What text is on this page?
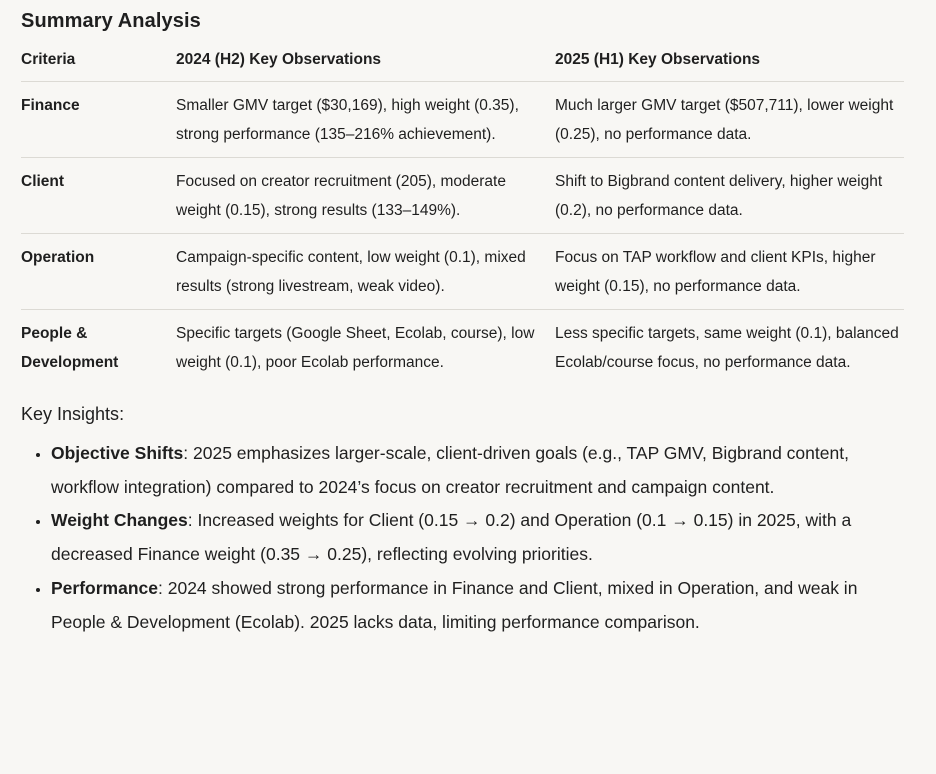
Summary Analysis
Criteria	2024 (H2) Key Observations	2025 (H1) Key Observations
Finance	Smaller GMV target ($30,169), high weight (0.35), strong performance (135–216% achievement).	Much larger GMV target ($507,711), lower weight (0.25), no performance data.
Client	Focused on creator recruitment (205), moderate weight (0.15), strong results (133–149%).	Shift to Bigbrand content delivery, higher weight (0.2), no performance data.
Operation	Campaign-specific content, low weight (0.1), mixed results (strong livestream, weak video).	Focus on TAP workflow and client KPIs, higher weight (0.15), no performance data.
People & Development	Specific targets (Google Sheet, Ecolab, course), low weight (0.1), poor Ecolab performance.	Less specific targets, same weight (0.1), balanced Ecolab/course focus, no performance data.
Key Insights:
• Objective Shifts: 2025 emphasizes larger-scale, client-driven goals (e.g., TAP GMV, Bigbrand content, workflow integration) compared to 2024’s focus on creator recruitment and campaign content.
• Weight Changes: Increased weights for Client (0.15 → 0.2) and Operation (0.1 → 0.15) in 2025, with a decreased Finance weight (0.35 → 0.25), reflecting evolving priorities.
• Performance: 2024 showed strong performance in Finance and Client, mixed in Operation, and weak in People & Development (Ecolab). 2025 lacks data, limiting performance comparison.
